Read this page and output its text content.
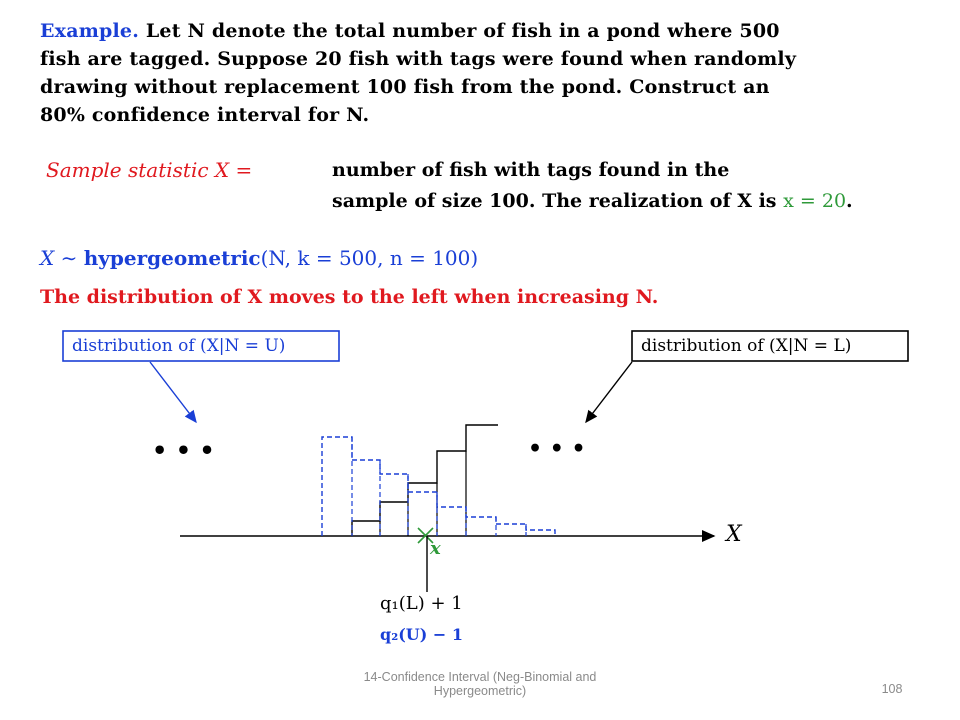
Example. Let N denote the total number of fish in a pond where 500
fish are tagged. Suppose 20 fish with tags were found when randomly
drawing without replacement 100 fish from the pond. Construct an
80% confidence interval for N.
Sample statistic X =	number of fish with tags found in the
sample of size 100. The realization of X is x = 20.
X ∼ hypergeometric(N, k = 500, n = 100)
The distribution of X moves to the left when increasing N.
distribution of (X|N = U)	distribution of (X|N = L)
• • •	• • •
X
x
q₁(L) + 1
q₂(U) − 1
14-Confidence Interval (Neg-Binomial and
Hypergeometric)	108
